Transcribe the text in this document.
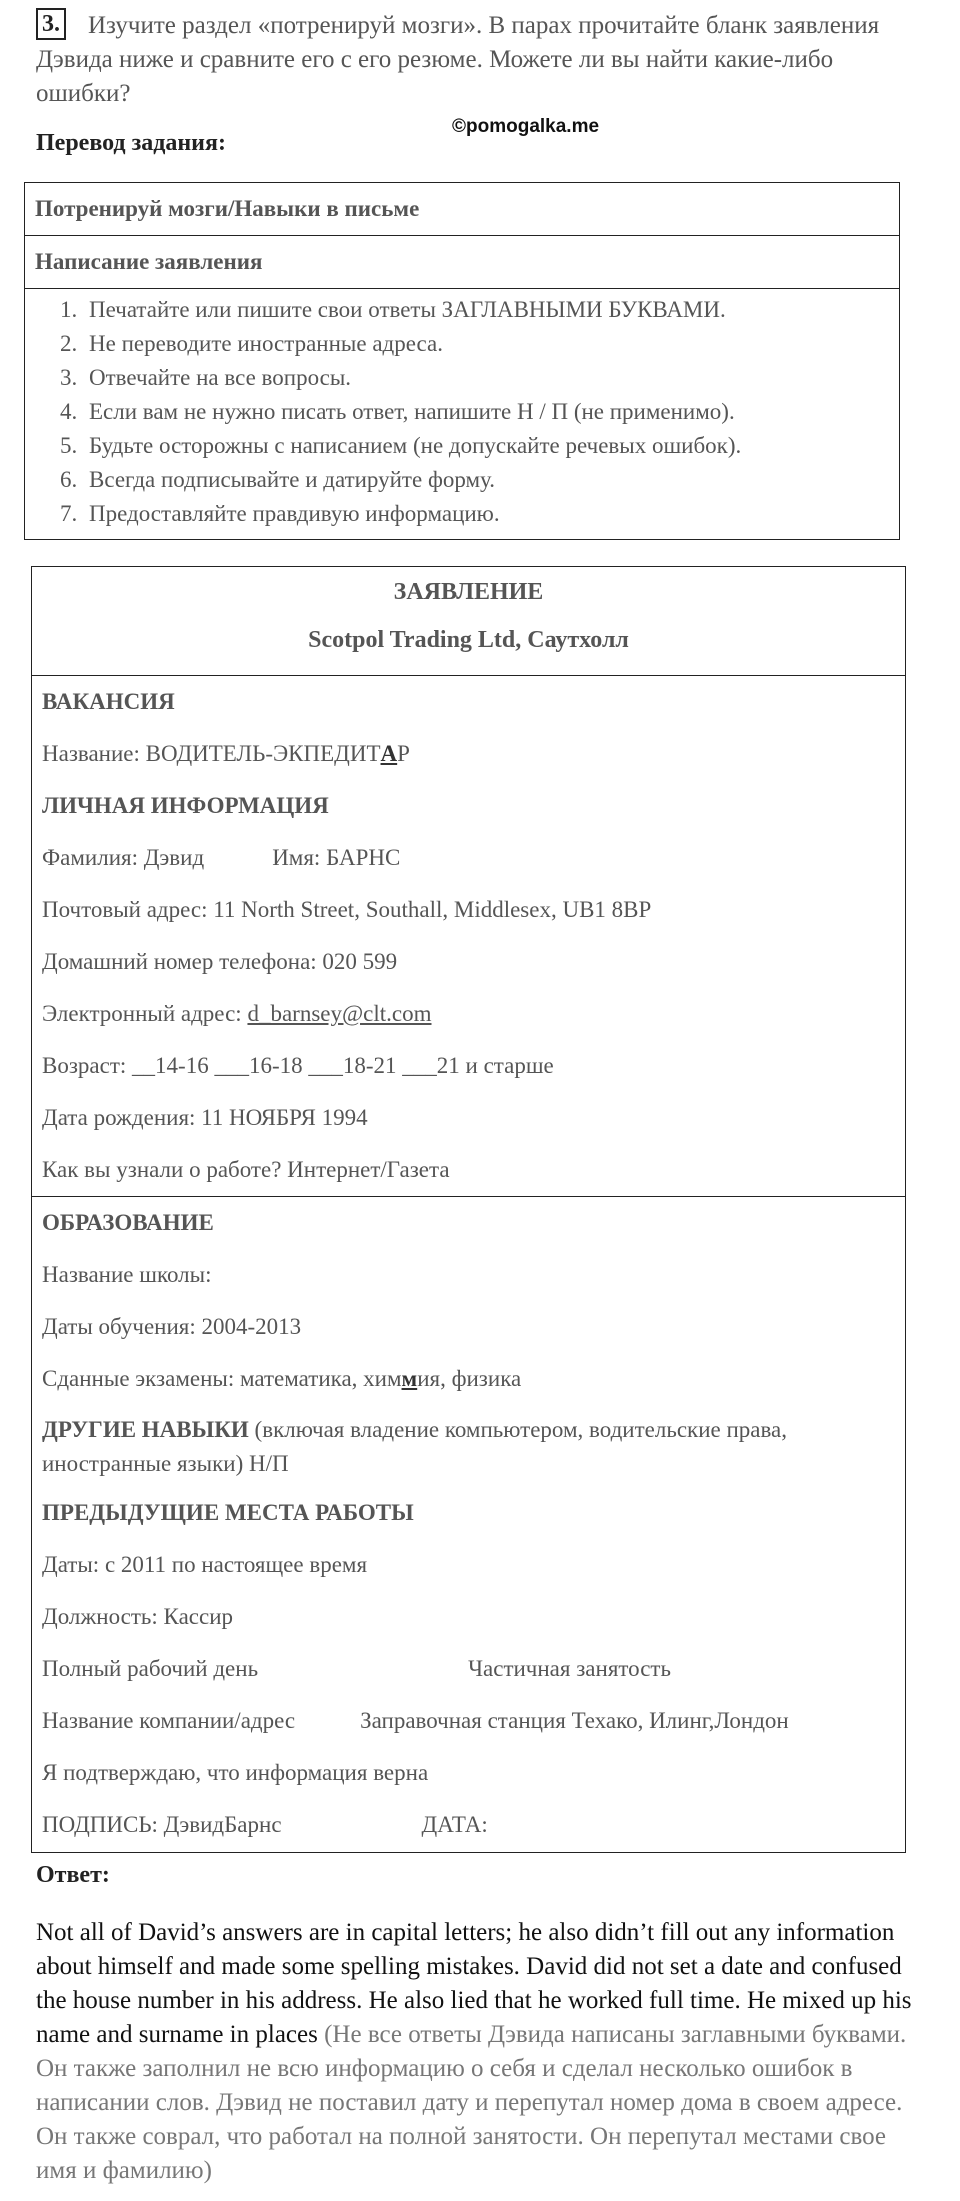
3. Изучите раздел «потренируй мозги». В парах прочитайте бланк заявления Дэвида ниже и сравните его с его резюме. Можете ли вы найти какие-либо ошибки?
Перевод задания:
©pomogalka.me
Потренируй мозги/Навыки в письме
Написание заявления
1. Печатайте или пишите свои ответы ЗАГЛАВНЫМИ БУКВАМИ.
2. Не переводите иностранные адреса.
3. Отвечайте на все вопросы.
4. Если вам не нужно писать ответ, напишите Н / П (не применимо).
5. Будьте осторожны с написанием (не допускайте речевых ошибок).
6. Всегда подписывайте и датируйте форму.
7. Предоставляйте правдивую информацию.
ЗАЯВЛЕНИЕ
Scotpol Trading Ltd, Саутхолл
ВАКАНСИЯ
Название: ВОДИТЕЛЬ-ЭКПЕДИТАР
ЛИЧНАЯ ИНФОРМАЦИЯ
Фамилия: Дэвид	Имя: БАРНС
Почтовый адрес: 11 North Street, Southall, Middlesex, UB1 8BP
Домашний номер телефона: 020 599
Электронный адрес: d_barnsey@clt.com
Возраст: __14-16 ___16-18 ___18-21 ___21 и старше
Дата рождения: 11 НОЯБРЯ 1994
Как вы узнали о работе? Интернет/Газета
ОБРАЗОВАНИЕ
Название школы:
Даты обучения: 2004-2013
Сданные экзамены: математика, химмия, физика
ДРУГИЕ НАВЫКИ (включая владение компьютером, водительские права, иностранные языки) Н/П
ПРЕДЫДУЩИЕ МЕСТА РАБОТЫ
Даты: с 2011 по настоящее время
Должность: Кассир
Полный рабочий день	Частичная занятость
Название компании/адрес	Заправочная станция Техако, Илинг,Лондон
Я подтверждаю, что информация верна
ПОДПИСЬ: ДэвидБарнс	ДАТА:
Ответ:
Not all of David’s answers are in capital letters; he also didn’t fill out any information about himself and made some spelling mistakes. David did not set a date and confused the house number in his address. He also lied that he worked full time. He mixed up his name and surname in places (Не все ответы Дэвида написаны заглавными буквами. Он также заполнил не всю информацию о себя и сделал несколько ошибок в написании слов. Дэвид не поставил дату и перепутал номер дома в своем адресе. Он также соврал, что работал на полной занятости. Он перепутал местами свое имя и фамилию)
